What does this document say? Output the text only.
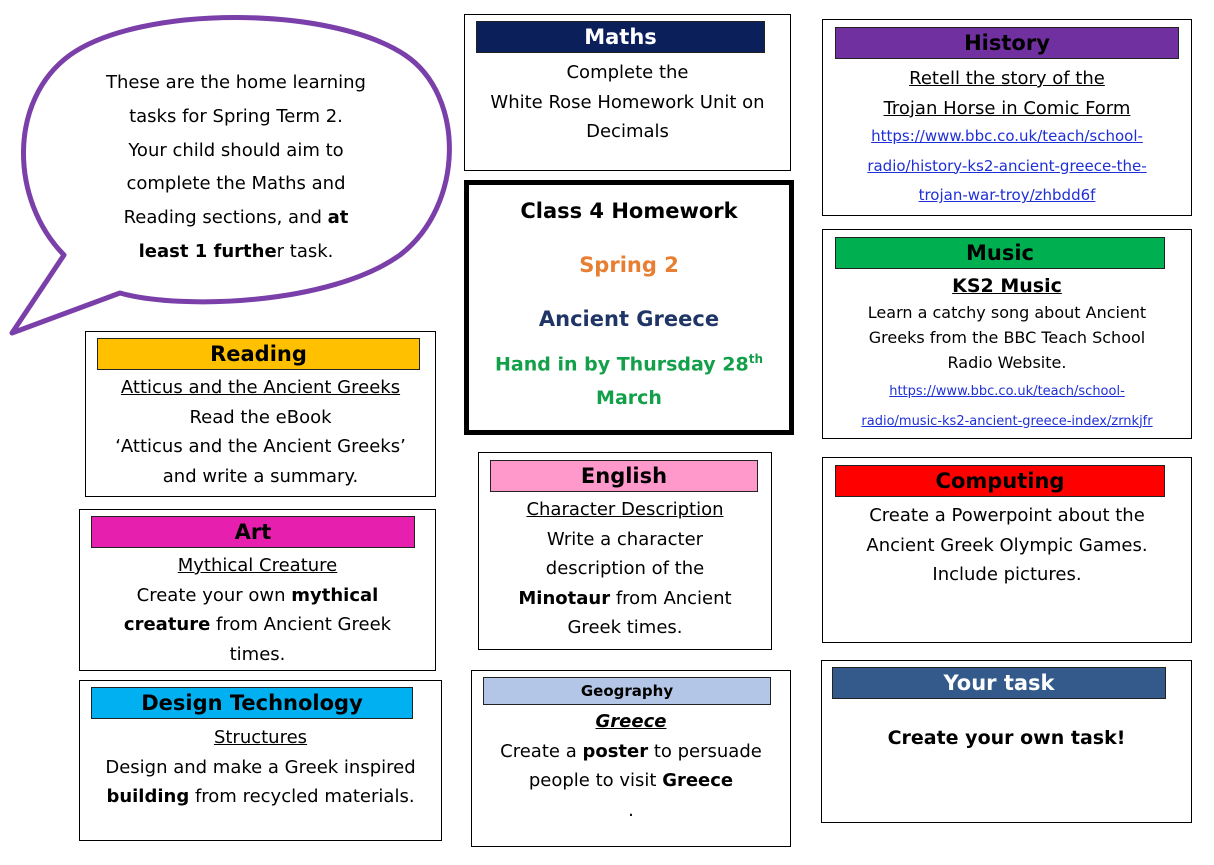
These are the home learning
tasks for Spring Term 2.
Your child should aim to
complete the Maths and
Reading sections, and at
least 1 further task.
Maths
Complete the
White Rose Homework Unit on
Decimals
History
Retell the story of the
Trojan Horse in Comic Form
https://www.bbc.co.uk/teach/school-
radio/history-ks2-ancient-greece-the-
trojan-war-troy/zhbdd6f
Class 4 Homework
Spring 2
Ancient Greece
Hand in by Thursday 28th
March
Music
KS2 Music
Learn a catchy song about Ancient
Greeks from the BBC Teach School
Radio Website.
https://www.bbc.co.uk/teach/school-
radio/music-ks2-ancient-greece-index/zrnkjfr
Reading
Atticus and the Ancient Greeks
Read the eBook
‘Atticus and the Ancient Greeks’
and write a summary.	English
Character Description
Write a character
description of the
Minotaur from Ancient
Greek times.
Computing
Create a Powerpoint about the
Ancient Greek Olympic Games.
Include pictures.
Art
Mythical Creature
Create your own mythical
creature from Ancient Greek
times.
Your task
Create your own task!
Geography
Greece
Create a poster to persuade
people to visit Greece
.
Design Technology
Structures
Design and make a Greek inspired
building from recycled materials.
